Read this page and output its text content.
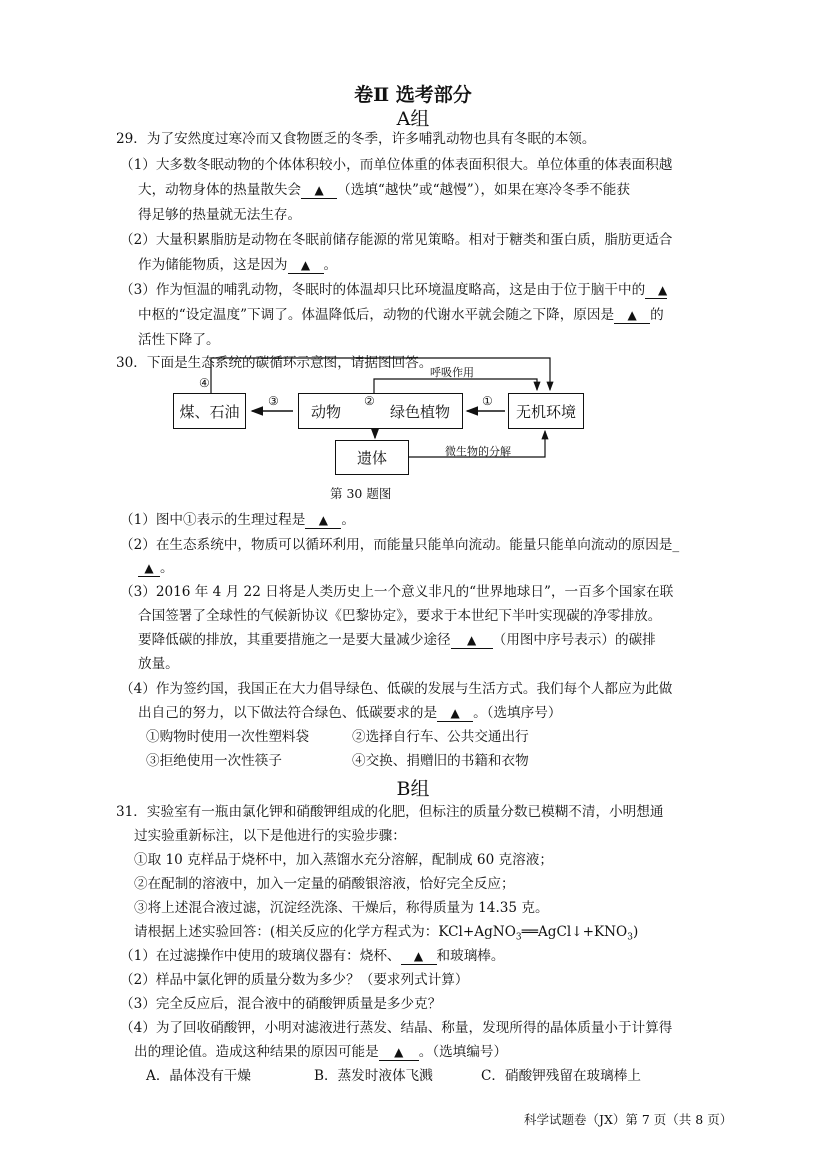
卷Ⅱ 选考部分
A组
29．为了安然度过寒冷而又食物匮乏的冬季，许多哺乳动物也具有冬眠的本领。
（1）大多数冬眠动物的个体体积较小，而单位体重的体表面积很大。单位体重的体表面积越
大，动物身体的热量散失会 ▲ （选填“越快”或“越慢”），如果在寒冷冬季不能获
得足够的热量就无法生存。
（2）大量积累脂肪是动物在冬眠前储存能源的常见策略。相对于糖类和蛋白质，脂肪更适合
作为储能物质，这是因为 ▲ 。
（3）作为恒温的哺乳动物，冬眠时的体温却只比环境温度略高，这是由于位于脑干中的 ▲
中枢的“设定温度”下调了。体温降低后，动物的代谢水平就会随之下降，原因是 ▲ 的
活性下降了。
30．下面是生态系统的碳循环示意图，请据图回答。
煤、石油	动物	绿色植物	无机环境
遗体
呼吸作用
微生物的分解
④
③	②	①
第 30 题图
（1）图中①表示的生理过程是 ▲ 。
（2）在生态系统中，物质可以循环利用，而能量只能单向流动。能量只能单向流动的原因是_
▲ 。
（3）2016 年 4 月 22 日将是人类历史上一个意义非凡的“世界地球日”，一百多个国家在联
合国签署了全球性的气候新协议《巴黎协定》，要求于本世纪下半叶实现碳的净零排放。
要降低碳的排放，其重要措施之一是要大量减少途径 ▲ （用图中序号表示）的碳排
放量。
（4）作为签约国，我国正在大力倡导绿色、低碳的发展与生活方式。我们每个人都应为此做
出自己的努力，以下做法符合绿色、低碳要求的是 ▲ 。（选填序号）
①购物时使用一次性塑料袋	②选择自行车、公共交通出行
③拒绝使用一次性筷子	④交换、捐赠旧的书籍和衣物
B组
31．实验室有一瓶由氯化钾和硝酸钾组成的化肥，但标注的质量分数已模糊不清，小明想通
过实验重新标注，以下是他进行的实验步骤：
①取 10 克样品于烧杯中，加入蒸馏水充分溶解，配制成 60 克溶液；
②在配制的溶液中，加入一定量的硝酸银溶液，恰好完全反应；
③将上述混合液过滤，沉淀经洗涤、干燥后，称得质量为 14.35 克。
请根据上述实验回答：(相关反应的化学方程式为：$KCl+AgNO_3══AgCl↓+KNO_3$)
（1）在过滤操作中使用的玻璃仪器有：烧杯、 ▲ 和玻璃棒。
（2）样品中氯化钾的质量分数为多少？（要求列式计算）
（3）完全反应后，混合液中的硝酸钾质量是多少克？
（4）为了回收硝酸钾，小明对滤液进行蒸发、结晶、称量，发现所得的晶体质量小于计算得
出的理论值。造成这种结果的原因可能是 ▲ 。（选填编号）
A．晶体没有干燥	B．蒸发时液体飞溅	C．硝酸钾残留在玻璃棒上
科学试题卷（JX）第 7 页（共 8 页）
